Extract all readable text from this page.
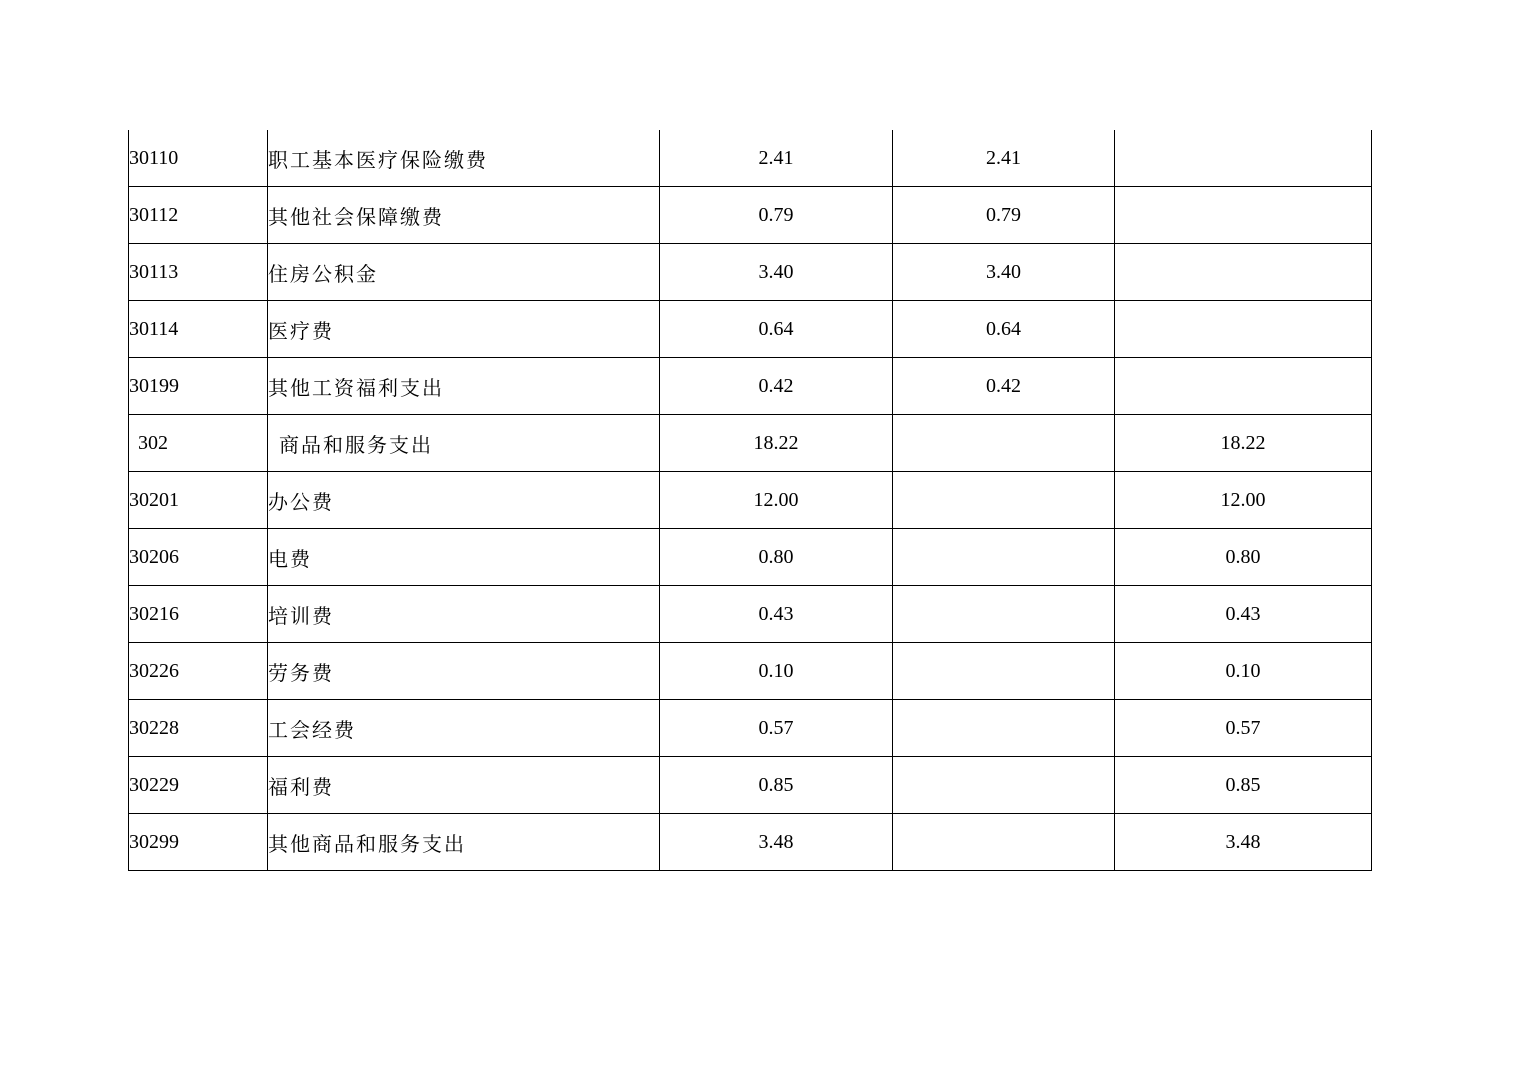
30110	职工基本医疗保险缴费	2.41	2.41	
30112	其他社会保障缴费	0.79	0.79	
30113	住房公积金	3.40	3.40	
30114	医疗费	0.64	0.64	
30199	其他工资福利支出	0.42	0.42	
302	商品和服务支出	18.22		18.22
30201	办公费	12.00		12.00
30206	电费	0.80		0.80
30216	培训费	0.43		0.43
30226	劳务费	0.10		0.10
30228	工会经费	0.57		0.57
30229	福利费	0.85		0.85
30299	其他商品和服务支出	3.48		3.48
